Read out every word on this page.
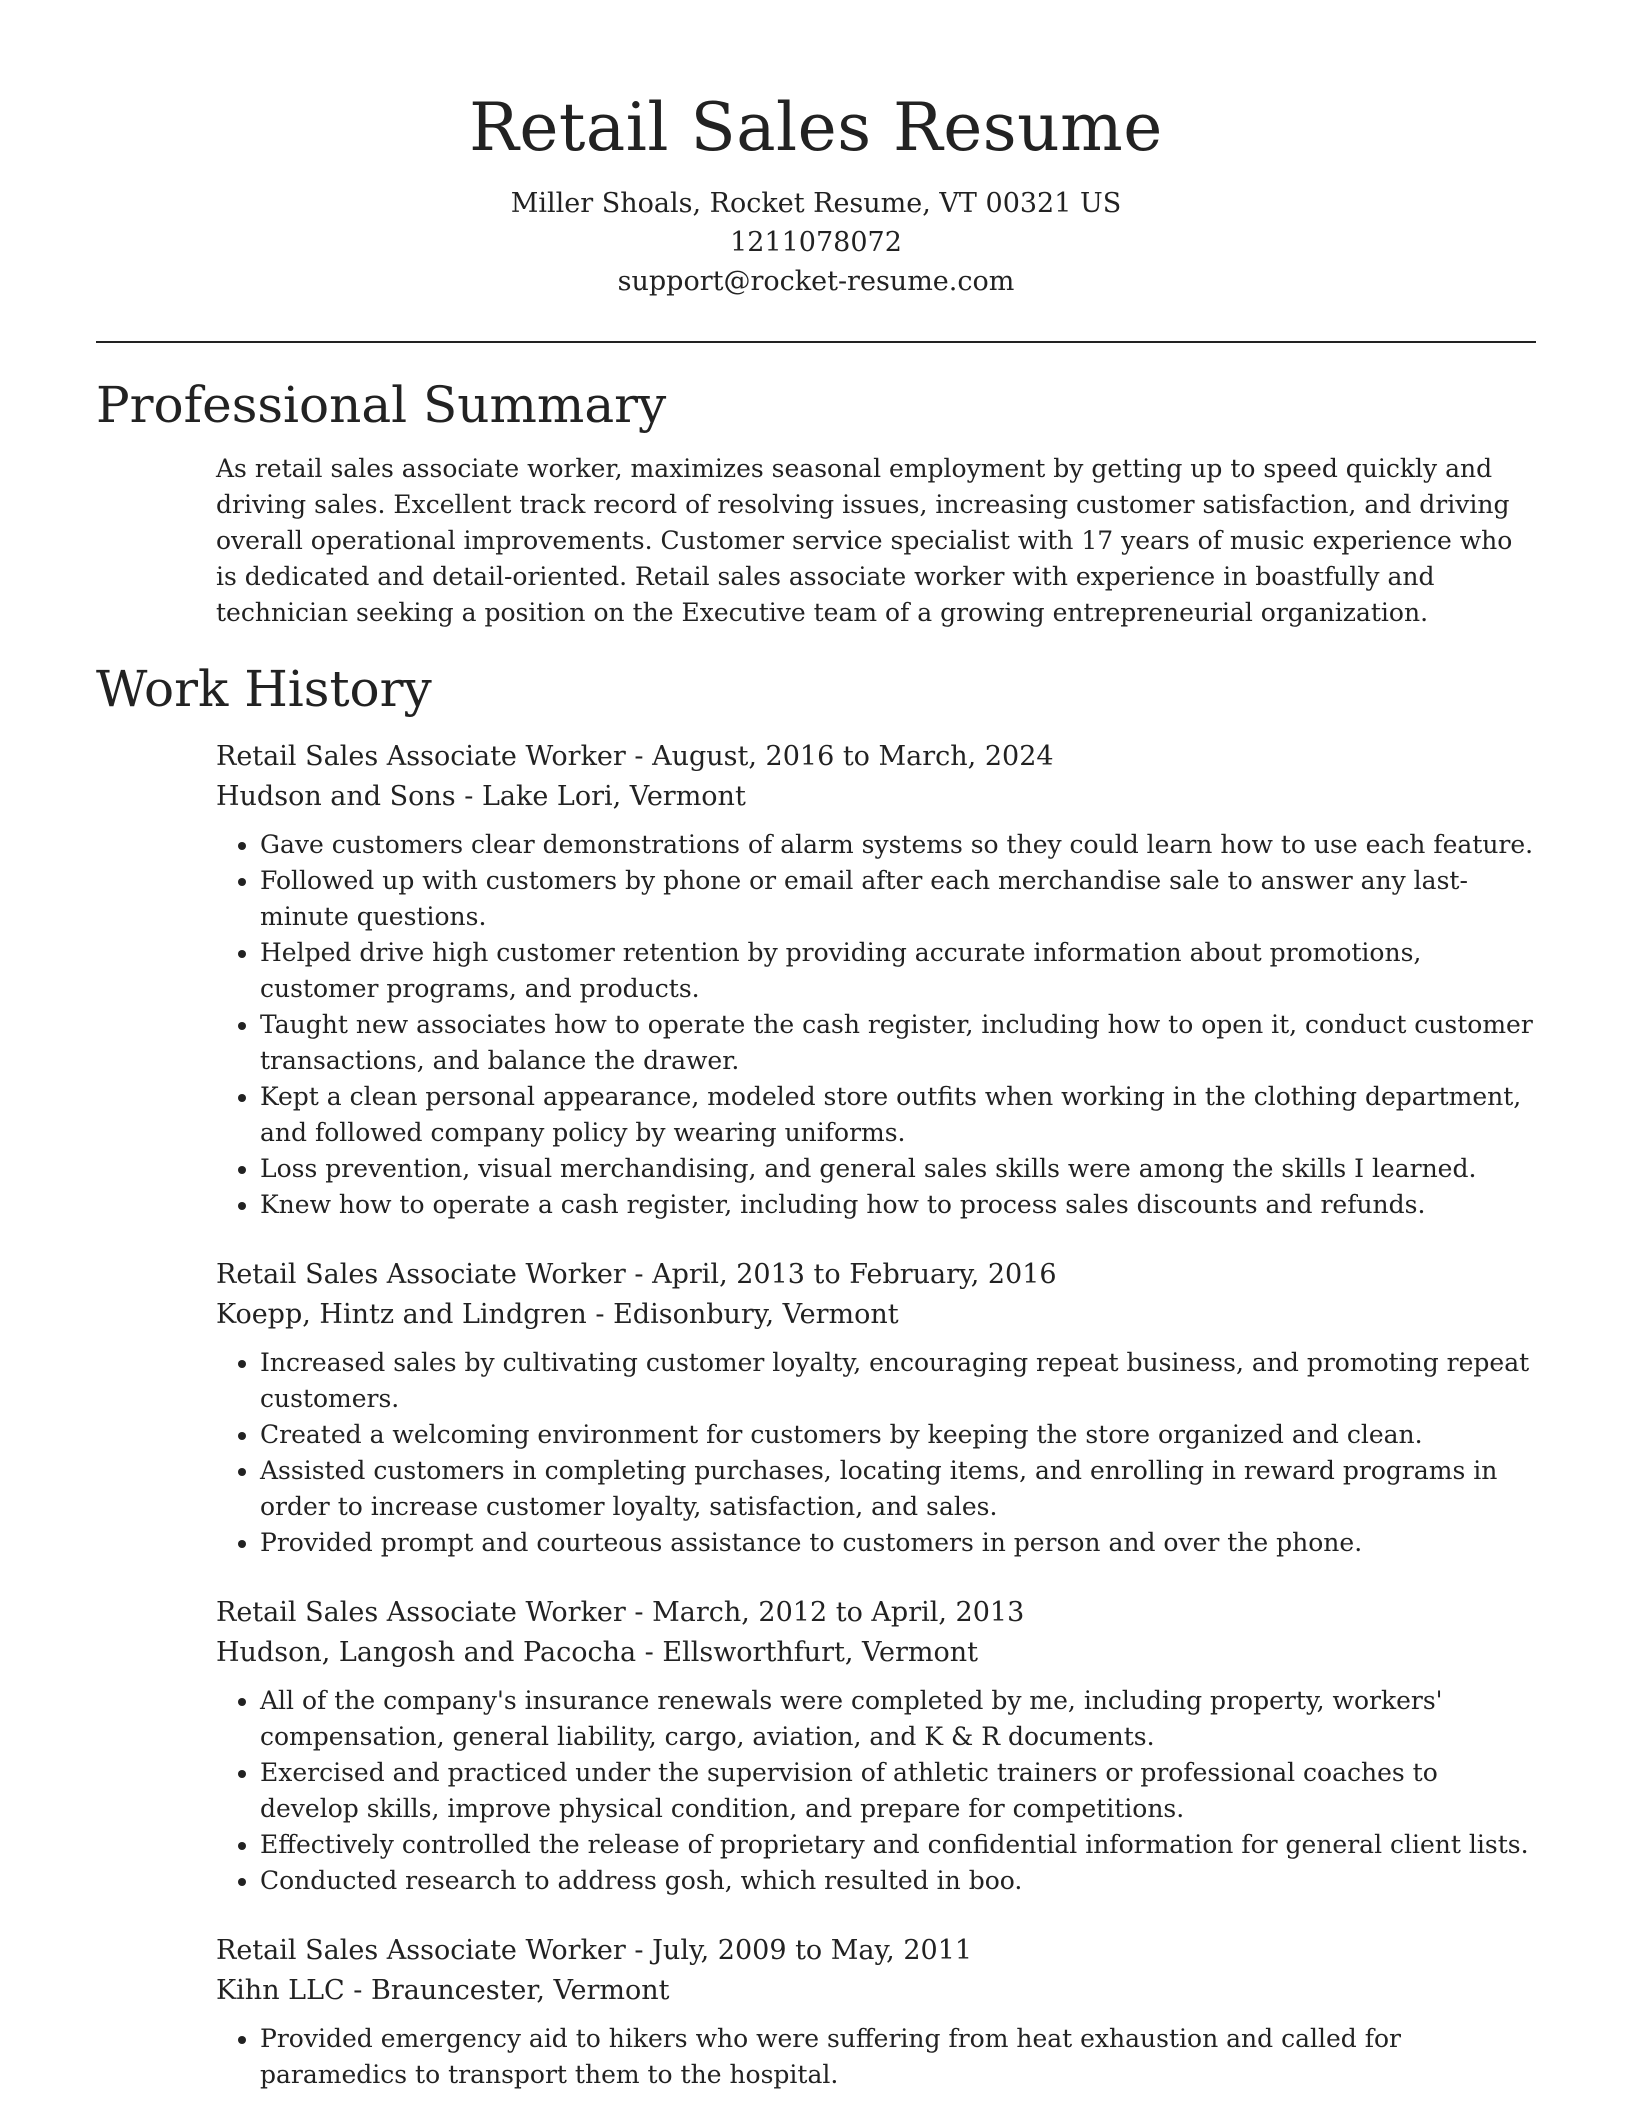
Retail Sales Resume

Miller Shoals, Rocket Resume, VT 00321 US

1211078072

support@rocket-resume.com

Professional Summary

As retail sales associate worker, maximizes seasonal employment by getting up to speed quickly and driving sales. Excellent track record of resolving issues, increasing customer satisfaction, and driving overall operational improvements. Customer service specialist with 17 years of music experience who is dedicated and detail-oriented. Retail sales associate worker with experience in boastfully and technician seeking a position on the Executive team of a growing entrepreneurial organization.

Work History

Retail Sales Associate Worker - August, 2016 to March, 2024

Hudson and Sons - Lake Lori, Vermont

• Gave customers clear demonstrations of alarm systems so they could learn how to use each feature.
• Followed up with customers by phone or email after each merchandise sale to answer any last-minute questions.
• Helped drive high customer retention by providing accurate information about promotions, customer programs, and products.
• Taught new associates how to operate the cash register, including how to open it, conduct customer transactions, and balance the drawer.
• Kept a clean personal appearance, modeled store outfits when working in the clothing department, and followed company policy by wearing uniforms.
• Loss prevention, visual merchandising, and general sales skills were among the skills I learned.
• Knew how to operate a cash register, including how to process sales discounts and refunds.

Retail Sales Associate Worker - April, 2013 to February, 2016

Koepp, Hintz and Lindgren - Edisonbury, Vermont

• Increased sales by cultivating customer loyalty, encouraging repeat business, and promoting repeat customers.
• Created a welcoming environment for customers by keeping the store organized and clean.
• Assisted customers in completing purchases, locating items, and enrolling in reward programs in order to increase customer loyalty, satisfaction, and sales.
• Provided prompt and courteous assistance to customers in person and over the phone.

Retail Sales Associate Worker - March, 2012 to April, 2013

Hudson, Langosh and Pacocha - Ellsworthfurt, Vermont

• All of the company's insurance renewals were completed by me, including property, workers' compensation, general liability, cargo, aviation, and K & R documents.
• Exercised and practiced under the supervision of athletic trainers or professional coaches to develop skills, improve physical condition, and prepare for competitions.
• Effectively controlled the release of proprietary and confidential information for general client lists.
• Conducted research to address gosh, which resulted in boo.

Retail Sales Associate Worker - July, 2009 to May, 2011

Kihn LLC - Brauncester, Vermont

• Provided emergency aid to hikers who were suffering from heat exhaustion and called for paramedics to transport them to the hospital.
